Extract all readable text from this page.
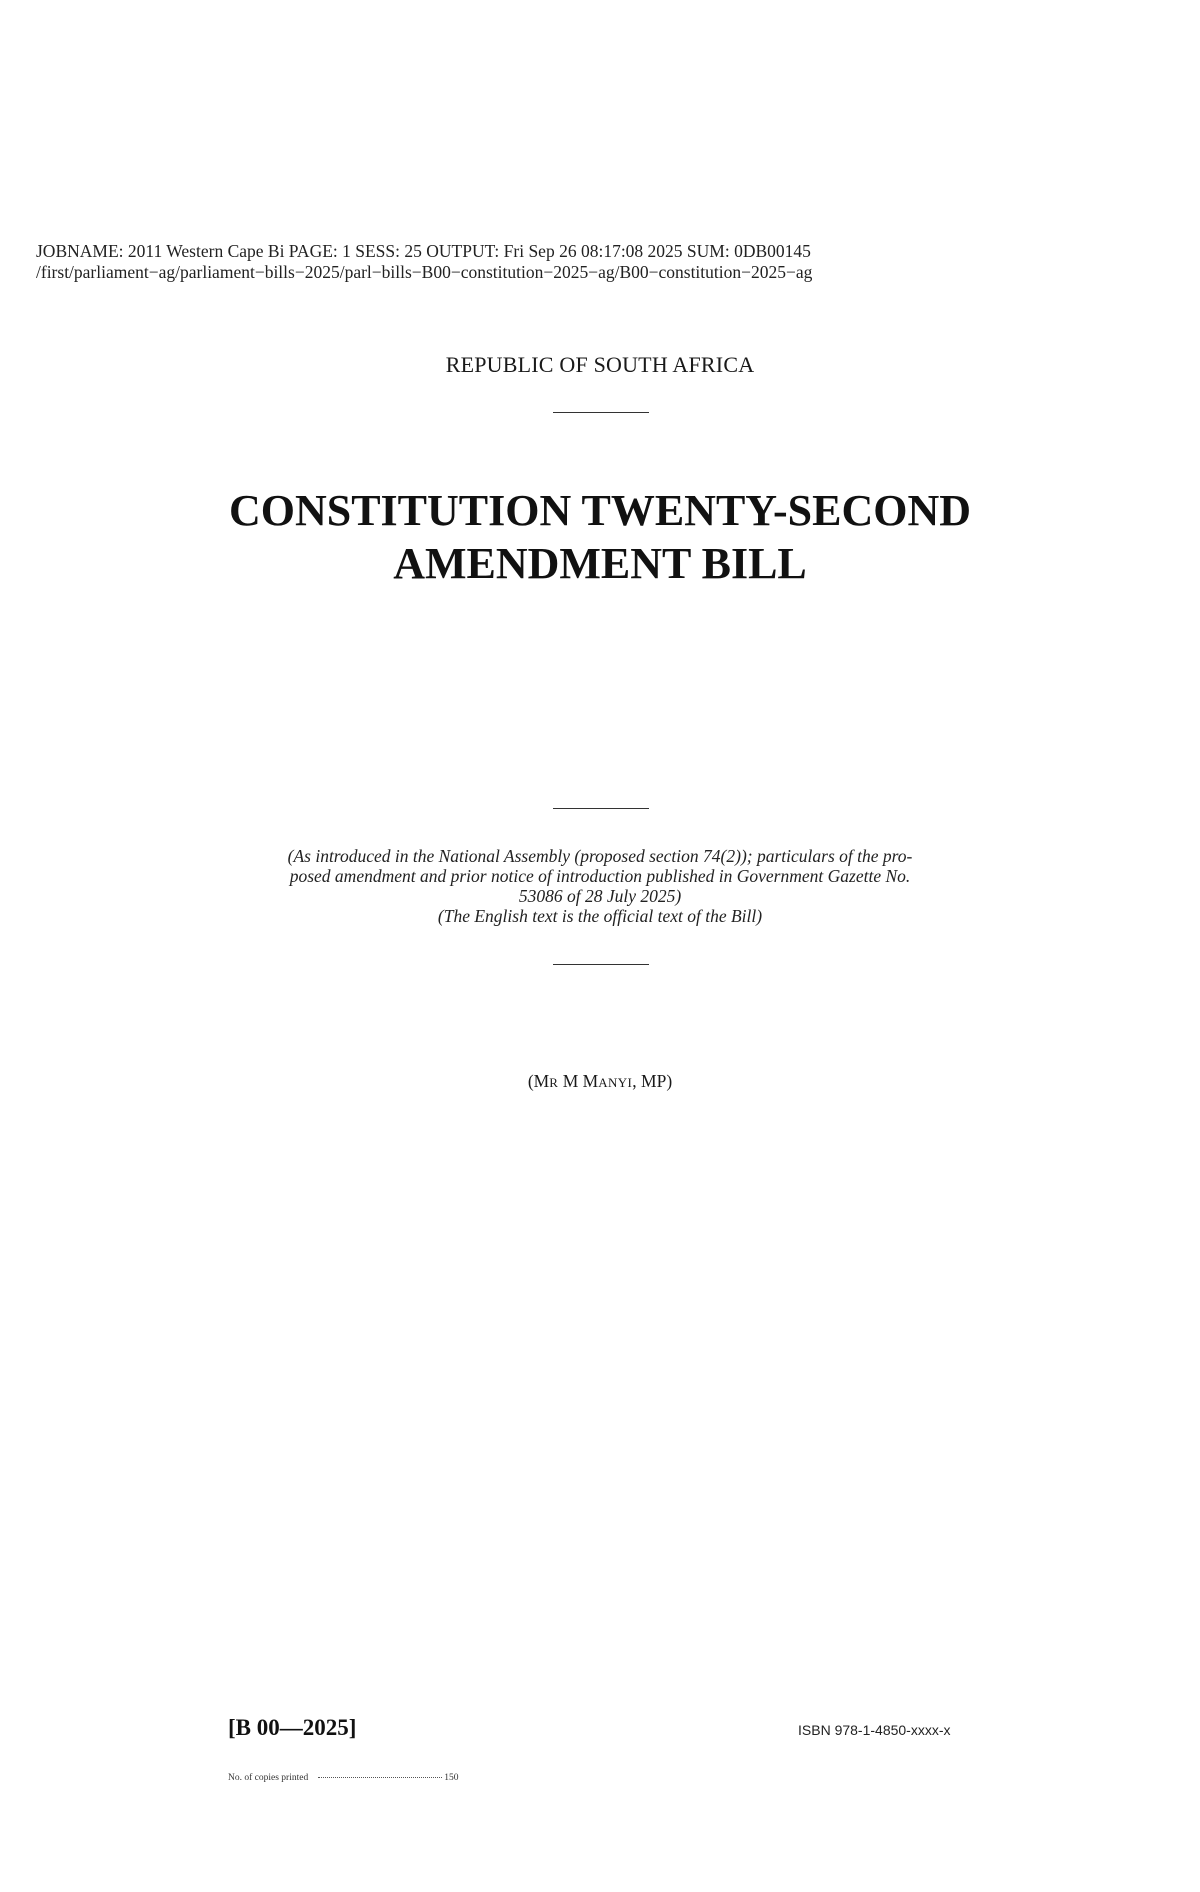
JOBNAME: 2011 Western Cape Bi PAGE: 1 SESS: 25 OUTPUT: Fri Sep 26 08:17:08 2025 SUM: 0DB00145
/first/parliament−ag/parliament−bills−2025/parl−bills−B00−constitution−2025−ag/B00−constitution−2025−ag
REPUBLIC OF SOUTH AFRICA
CONSTITUTION TWENTY-SECOND
AMENDMENT BILL
(As introduced in the National Assembly (proposed section 74(2)); particulars of the pro-
posed amendment and prior notice of introduction published in Government Gazette No.
53086 of 28 July 2025)
(The English text is the official text of the Bill)
(MR M MANYI, MP)
[B 00—2025]	ISBN 978-1-4850-xxxx-x
No. of copies printed	150
